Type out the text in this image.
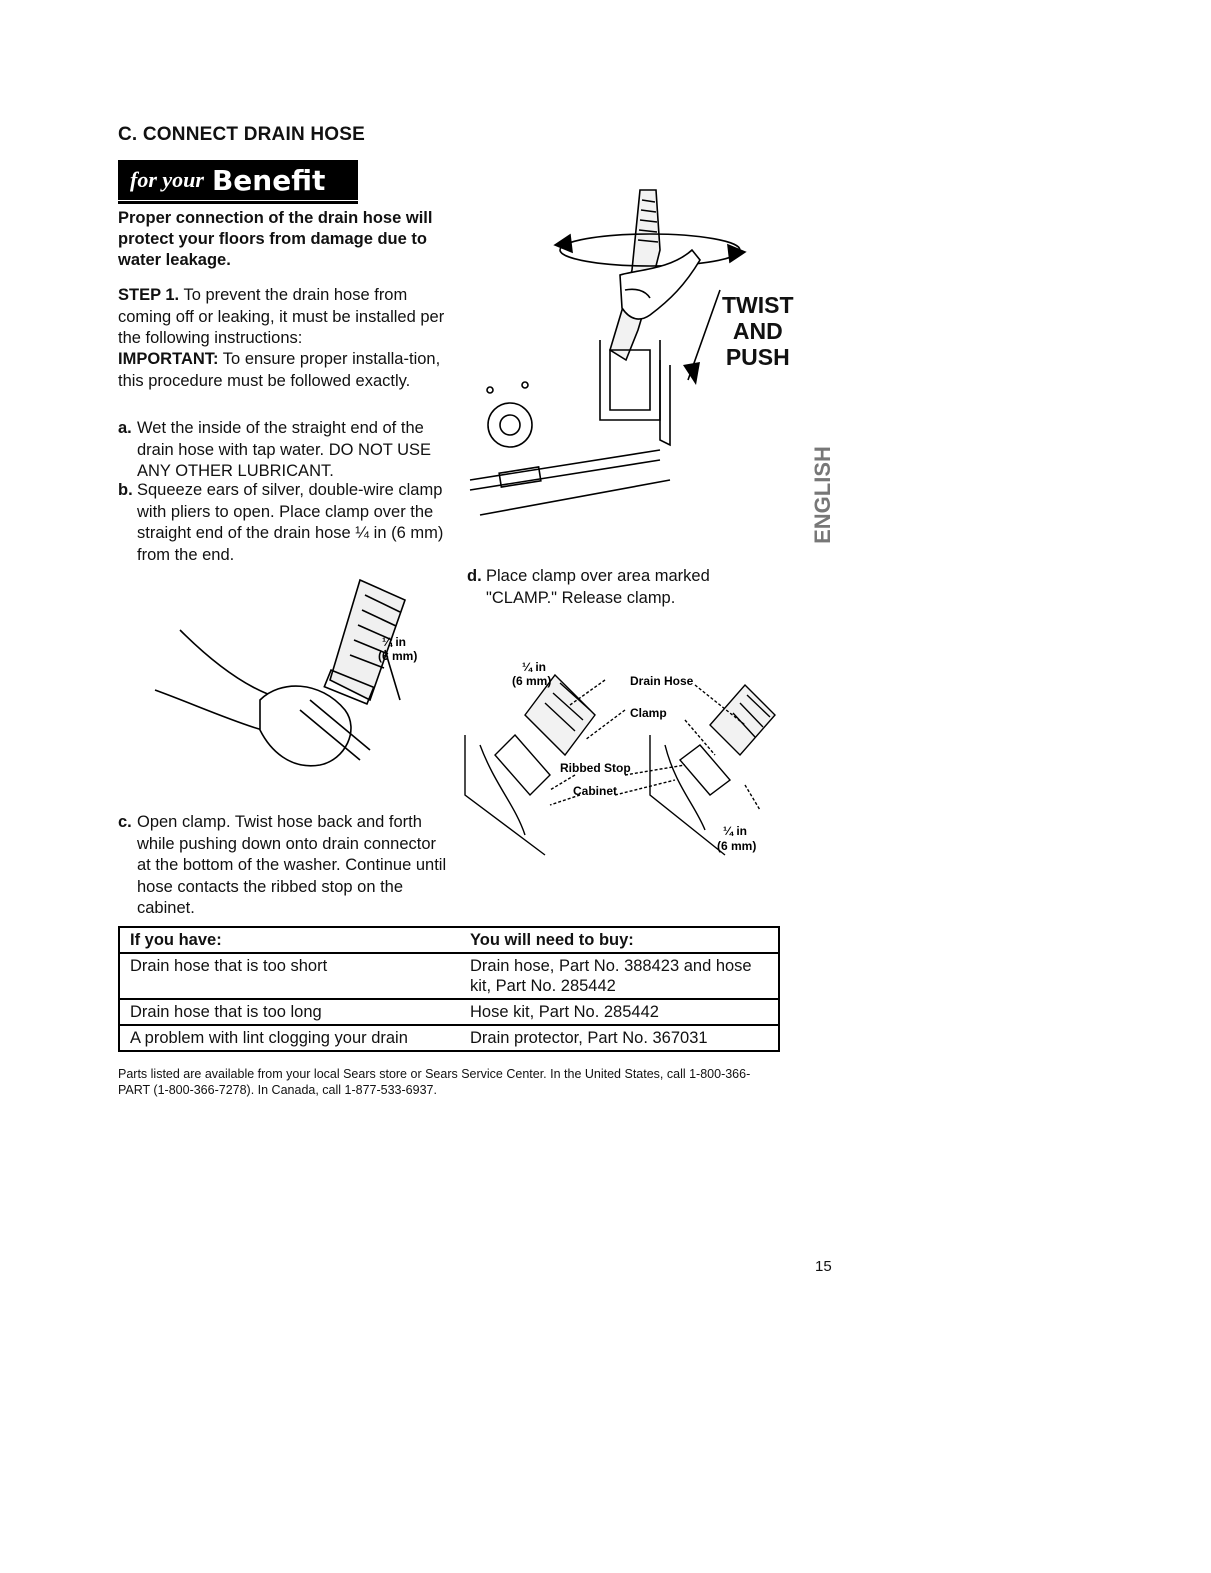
C. CONNECT DRAIN HOSE
for your Benefit
Proper connection of the drain hose will protect your floors from damage due to water leakage.
STEP 1. To prevent the drain hose from coming off or leaking, it must be installed per the following instructions:
IMPORTANT: To ensure proper installa-tion, this procedure must be followed exactly.
a. Wet the inside of the straight end of the drain hose with tap water. DO NOT USE ANY OTHER LUBRICANT.
b. Squeeze ears of silver, double-wire clamp with pliers to open. Place clamp over the straight end of the drain hose ¼ in (6 mm) from the end.
c. Open clamp. Twist hose back and forth while pushing down onto drain connector at the bottom of the washer. Continue until hose contacts the ribbed stop on the cabinet.
d. Place clamp over area marked "CLAMP." Release clamp.
TWIST
AND
PUSH
¼ in
(6 mm)
¼ in
(6 mm)	Drain Hose
Clamp
Ribbed Stop
Cabinet
¼ in
(6 mm)
ENGLISH
If you have:	You will need to buy:
Drain hose that is too short	Drain hose, Part No. 388423 and hose kit, Part No. 285442
Drain hose that is too long	Hose kit, Part No. 285442
A problem with lint clogging your drain	Drain protector, Part No. 367031
Parts listed are available from your local Sears store or Sears Service Center. In the United States, call 1-800-366-PART (1-800-366-7278). In Canada, call 1-877-533-6937.
15
